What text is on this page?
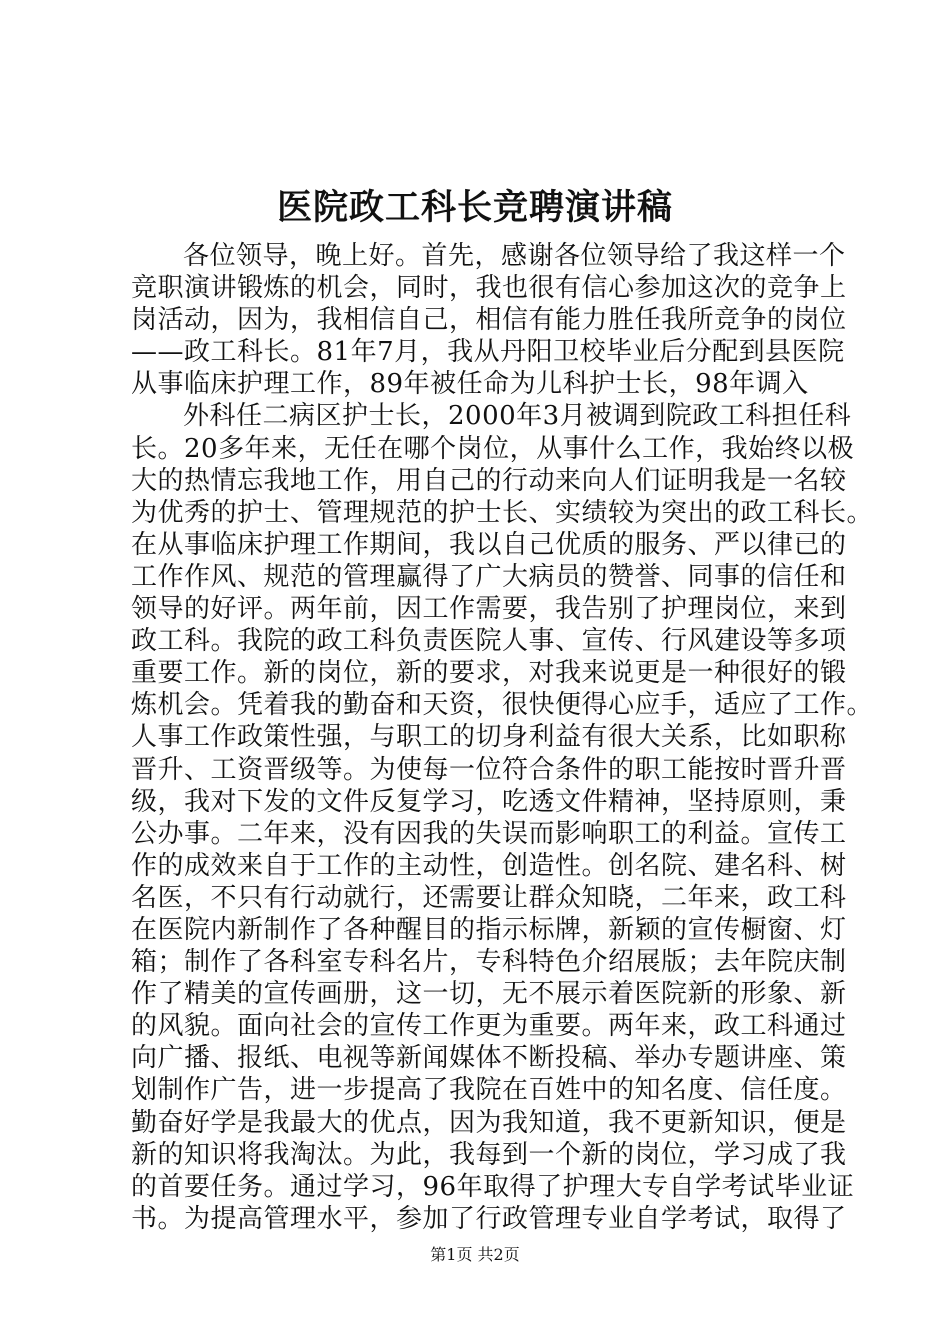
医院政工科长竞聘演讲稿
各位领导，晚上好。首先，感谢各位领导给了我这样一个
竞职演讲锻炼的机会，同时，我也很有信心参加这次的竞争上
岗活动，因为，我相信自己，相信有能力胜任我所竞争的岗位
——政工科长。81年7月，我从丹阳卫校毕业后分配到县医院
从事临床护理工作，89年被任命为儿科护士长，98年调入
外科任二病区护士长，2000年3月被调到院政工科担任科
长。20多年来，无任在哪个岗位，从事什么工作，我始终以极
大的热情忘我地工作，用自己的行动来向人们证明我是一名较
为优秀的护士、管理规范的护士长、实绩较为突出的政工科长。
在从事临床护理工作期间，我以自己优质的服务、严以律已的
工作作风、规范的管理赢得了广大病员的赞誉、同事的信任和
领导的好评。两年前，因工作需要，我告别了护理岗位，来到
政工科。我院的政工科负责医院人事、宣传、行风建设等多项
重要工作。新的岗位，新的要求，对我来说更是一种很好的锻
炼机会。凭着我的勤奋和天资，很快便得心应手，适应了工作。
人事工作政策性强，与职工的切身利益有很大关系，比如职称
晋升、工资晋级等。为使每一位符合条件的职工能按时晋升晋
级，我对下发的文件反复学习，吃透文件精神，坚持原则，秉
公办事。二年来，没有因我的失误而影响职工的利益。宣传工
作的成效来自于工作的主动性，创造性。创名院、建名科、树
名医，不只有行动就行，还需要让群众知晓，二年来，政工科
在医院内新制作了各种醒目的指示标牌，新颖的宣传橱窗、灯
箱；制作了各科室专科名片，专科特色介绍展版；去年院庆制
作了精美的宣传画册，这一切，无不展示着医院新的形象、新
的风貌。面向社会的宣传工作更为重要。两年来，政工科通过
向广播、报纸、电视等新闻媒体不断投稿、举办专题讲座、策
划制作广告，进一步提高了我院在百姓中的知名度、信任度。
勤奋好学是我最大的优点，因为我知道，我不更新知识，便是
新的知识将我淘汰。为此，我每到一个新的岗位，学习成了我
的首要任务。通过学习，96年取得了护理大专自学考试毕业证
书。为提高管理水平，参加了行政管理专业自学考试，取得了
第1页 共2页
